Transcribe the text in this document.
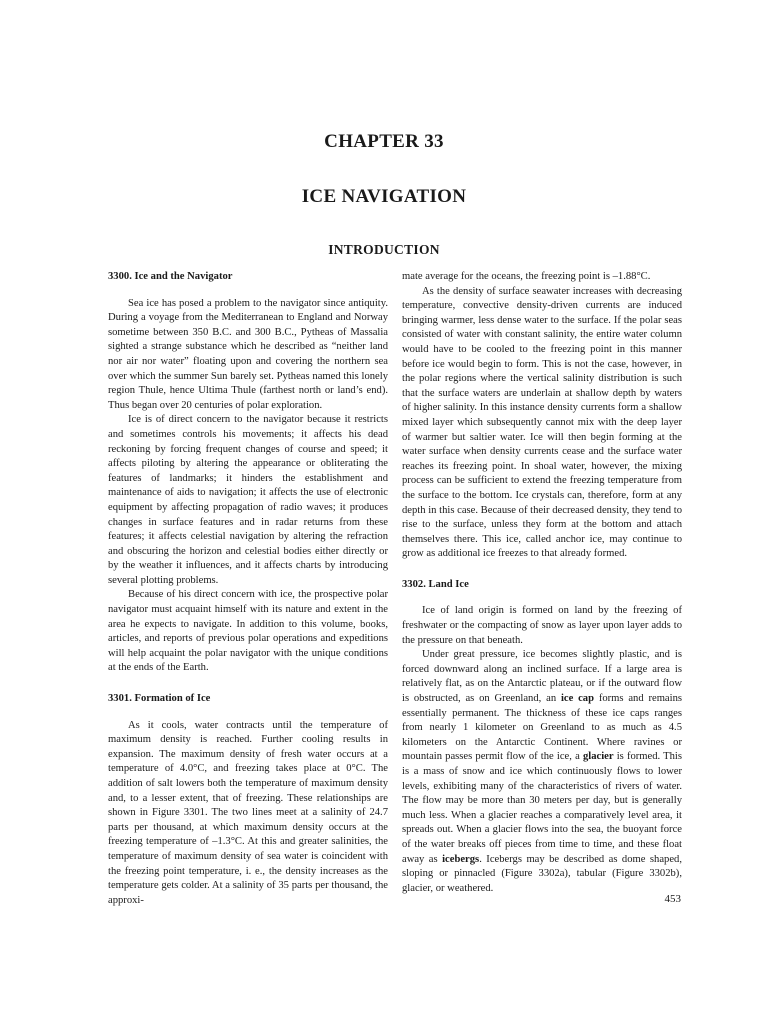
CHAPTER 33
ICE NAVIGATION
INTRODUCTION
3300. Ice and the Navigator

Sea ice has posed a problem to the navigator since antiquity. During a voyage from the Mediterranean to England and Norway sometime between 350 B.C. and 300 B.C., Pytheas of Massalia sighted a strange substance which he described as “neither land nor air nor water” floating upon and covering the northern sea over which the summer Sun barely set. Pytheas named this lonely region Thule, hence Ultima Thule (farthest north or land’s end). Thus began over 20 centuries of polar exploration.

Ice is of direct concern to the navigator because it restricts and sometimes controls his movements; it affects his dead reckoning by forcing frequent changes of course and speed; it affects piloting by altering the appearance or obliterating the features of landmarks; it hinders the establishment and maintenance of aids to navigation; it affects the use of electronic equipment by affecting propagation of radio waves; it produces changes in surface features and in radar returns from these features; it affects celestial navigation by altering the refraction and obscuring the horizon and celestial bodies either directly or by the weather it influences, and it affects charts by introducing several plotting problems.

Because of his direct concern with ice, the prospective polar navigator must acquaint himself with its nature and extent in the area he expects to navigate. In addition to this volume, books, articles, and reports of previous polar operations and expeditions will help acquaint the polar navigator with the unique conditions at the ends of the Earth.

3301. Formation of Ice

As it cools, water contracts until the temperature of maximum density is reached. Further cooling results in expansion. The maximum density of fresh water occurs at a temperature of 4.0°C, and freezing takes place at 0°C. The addition of salt lowers both the temperature of maximum density and, to a lesser extent, that of freezing. These relationships are shown in Figure 3301. The two lines meet at a salinity of 24.7 parts per thousand, at which maximum density occurs at the freezing temperature of –1.3°C. At this and greater salinities, the temperature of maximum density of sea water is coincident with the freezing point temperature, i. e., the density increases as the temperature gets colder. At a salinity of 35 parts per thousand, the approxi-

mate average for the oceans, the freezing point is –1.88°C.

As the density of surface seawater increases with decreasing temperature, convective density-driven currents are induced bringing warmer, less dense water to the surface. If the polar seas consisted of water with constant salinity, the entire water column would have to be cooled to the freezing point in this manner before ice would begin to form. This is not the case, however, in the polar regions where the vertical salinity distribution is such that the surface waters are underlain at shallow depth by waters of higher salinity. In this instance density currents form a shallow mixed layer which subsequently cannot mix with the deep layer of warmer but saltier water. Ice will then begin forming at the water surface when density currents cease and the surface water reaches its freezing point. In shoal water, however, the mixing process can be sufficient to extend the freezing temperature from the surface to the bottom. Ice crystals can, therefore, form at any depth in this case. Because of their decreased density, they tend to rise to the surface, unless they form at the bottom and attach themselves there. This ice, called anchor ice, may continue to grow as additional ice freezes to that already formed.

3302. Land Ice

Ice of land origin is formed on land by the freezing of freshwater or the compacting of snow as layer upon layer adds to the pressure on that beneath.

Under great pressure, ice becomes slightly plastic, and is forced downward along an inclined surface. If a large area is relatively flat, as on the Antarctic plateau, or if the outward flow is obstructed, as on Greenland, an ice cap forms and remains essentially permanent. The thickness of these ice caps ranges from nearly 1 kilometer on Greenland to as much as 4.5 kilometers on the Antarctic Continent. Where ravines or mountain passes permit flow of the ice, a glacier is formed. This is a mass of snow and ice which continuously flows to lower levels, exhibiting many of the characteristics of rivers of water. The flow may be more than 30 meters per day, but is generally much less. When a glacier reaches a comparatively level area, it spreads out. When a glacier flows into the sea, the buoyant force of the water breaks off pieces from time to time, and these float away as icebergs. Icebergs may be described as dome shaped, sloping or pinnacled (Figure 3302a), tabular (Figure 3302b), glacier, or weathered.

453
